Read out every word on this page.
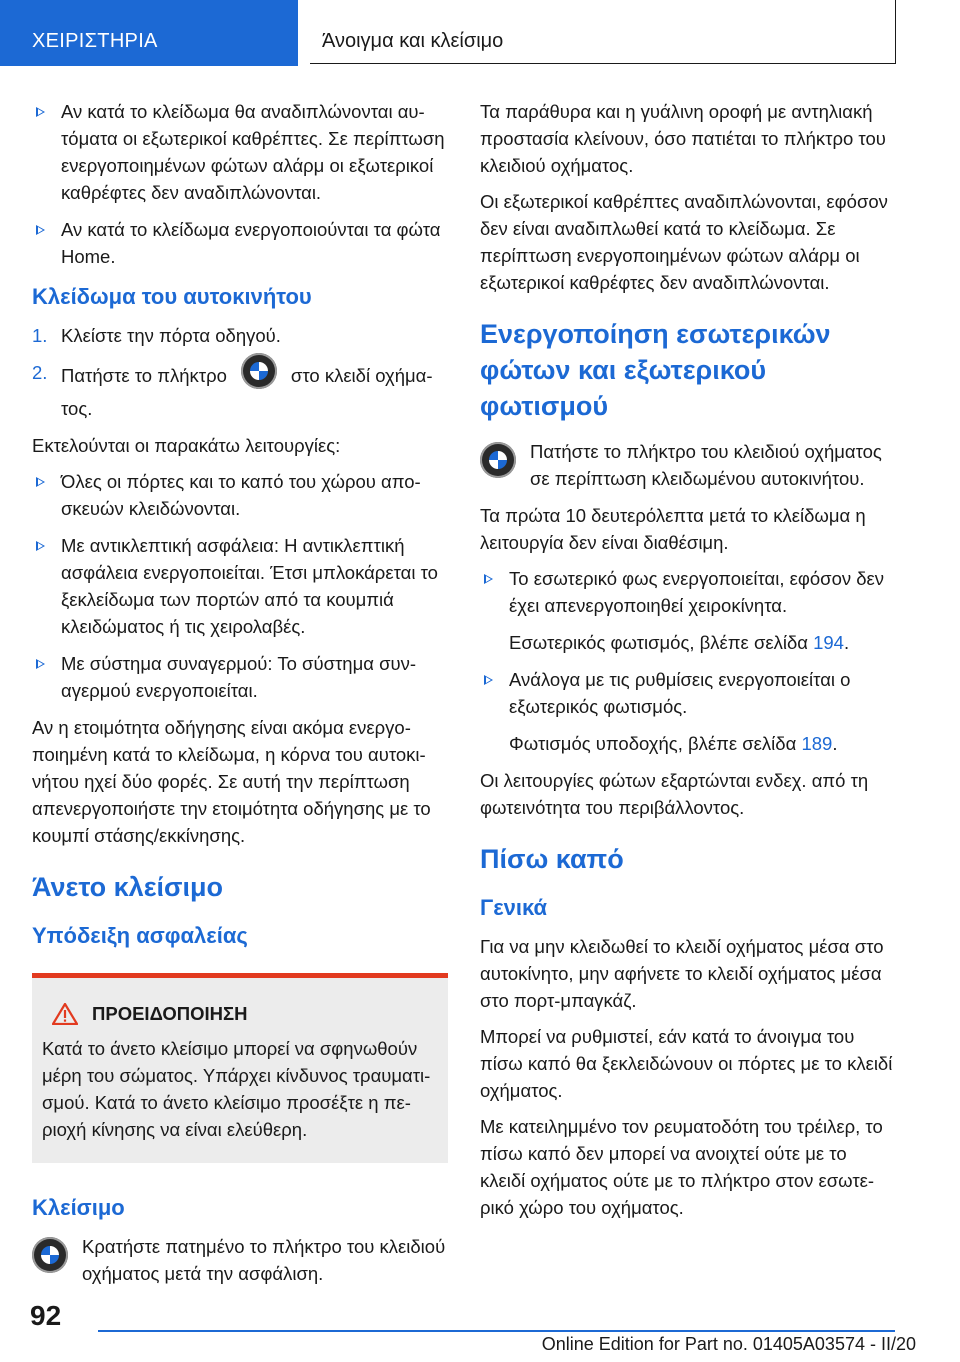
ΧΕΙΡΙΣΤΗΡΙΑ	Άνοιγμα και κλείσιμο
Αν κατά το κλείδωμα θα αναδιπλώνονται αυτόματα οι εξωτερικοί καθρέπτες. Σε περίπτωση ενεργοποιημένων φώτων αλάρμ οι εξωτερικοί καθρέφτες δεν αναδιπλώνονται.
Αν κατά το κλείδωμα ενεργοποιούνται τα φώτα Home.
Κλείδωμα του αυτοκινήτου
1. Κλείστε την πόρτα οδηγού.
2. Πατήστε το πλήκτρο	στο κλειδί οχήματος.

Εκτελούνται οι παρακάτω λειτουργίες:

Όλες οι πόρτες και το καπό του χώρου αποσκευών κλειδώνονται.
Με αντικλεπτική ασφάλεια: Η αντικλεπτική ασφάλεια ενεργοποιείται. Έτσι μπλοκάρεται το ξεκλείδωμα των πορτών από τα κουμπιά κλειδώματος ή τις χειρολαβές.
Με σύστημα συναγερμού: Το σύστημα συναγερμού ενεργοποιείται.

Αν η ετοιμότητα οδήγησης είναι ακόμα ενεργοποιημένη κατά το κλείδωμα, η κόρνα του αυτοκινήτου ηχεί δύο φορές. Σε αυτή την περίπτωση απενεργοποιήστε την ετοιμότητα οδήγησης με το κουμπί στάσης/εκκίνησης.

Άνετο κλείσιμο
Υπόδειξη ασφαλείας
ΠΡΟΕΙΔΟΠΟΙΗΣΗ
Κατά το άνετο κλείσιμο μπορεί να σφηνωθούν μέρη του σώματος. Υπάρχει κίνδυνος τραυματισμού. Κατά το άνετο κλείσιμο προσέξτε η περιοχή κίνησης να είναι ελεύθερη.
Κλείσιμο
Κρατήστε πατημένο το πλήκτρο του κλειδιού οχήματος μετά την ασφάλιση.

Τα παράθυρα και η γυάλινη οροφή με αντηλιακή προστασία κλείνουν, όσο πατιέται το πλήκτρο του κλειδιού οχήματος.

Οι εξωτερικοί καθρέπτες αναδιπλώνονται, εφόσον δεν είναι αναδιπλωθεί κατά το κλείδωμα. Σε περίπτωση ενεργοποιημένων φώτων αλάρμ οι εξωτερικοί καθρέφτες δεν αναδιπλώνονται.

Ενεργοποίηση εσωτερικών φώτων και εξωτερικού φωτισμού
Πατήστε το πλήκτρο του κλειδιού οχήματος σε περίπτωση κλειδωμένου αυτοκινήτου.

Τα πρώτα 10 δευτερόλεπτα μετά το κλείδωμα η λειτουργία δεν είναι διαθέσιμη.

Το εσωτερικό φως ενεργοποιείται, εφόσον δεν έχει απενεργοποιηθεί χειροκίνητα.
Εσωτερικός φωτισμός, βλέπε σελίδα 194.
Ανάλογα με τις ρυθμίσεις ενεργοποιείται ο εξωτερικός φωτισμός.
Φωτισμός υποδοχής, βλέπε σελίδα 189.

Οι λειτουργίες φώτων εξαρτώνται ενδεχ. από τη φωτεινότητα του περιβάλλοντος.

Πίσω καπό
Γενικά

Για να μην κλειδωθεί το κλειδί οχήματος μέσα στο αυτοκίνητο, μην αφήνετε το κλειδί οχήματος μέσα στο πορτ-μπαγκάζ.

Μπορεί να ρυθμιστεί, εάν κατά το άνοιγμα του πίσω καπό θα ξεκλειδώνουν οι πόρτες με το κλειδί οχήματος.

Με κατειλημμένο τον ρευματοδότη του τρέιλερ, το πίσω καπό δεν μπορεί να ανοιχτεί ούτε με το κλειδί οχήματος ούτε με το πλήκτρο στον εσωτερικό χώρο του οχήματος.

92
Online Edition for Part no. 01405A03574 - II/20
